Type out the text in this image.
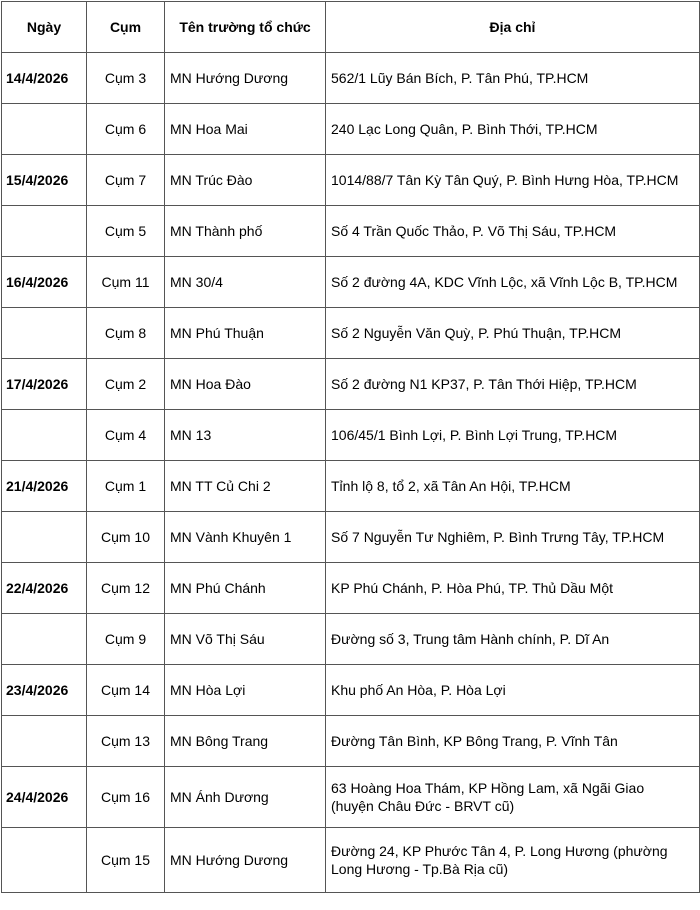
Ngày	Cụm	Tên trường tổ chức	Địa chỉ
14/4/2026	Cụm 3	MN Hướng Dương	562/1 Lũy Bán Bích, P. Tân Phú, TP.HCM
	Cụm 6	MN Hoa Mai	240 Lạc Long Quân, P. Bình Thới, TP.HCM
15/4/2026	Cụm 7	MN Trúc Đào	1014/88/7 Tân Kỳ Tân Quý, P. Bình Hưng Hòa, TP.HCM
	Cụm 5	MN Thành phố	Số 4 Trần Quốc Thảo, P. Võ Thị Sáu, TP.HCM
16/4/2026	Cụm 11	MN 30/4	Số 2 đường 4A, KDC Vĩnh Lộc, xã Vĩnh Lộc B, TP.HCM
	Cụm 8	MN Phú Thuận	Số 2 Nguyễn Văn Quỳ, P. Phú Thuận, TP.HCM
17/4/2026	Cụm 2	MN Hoa Đào	Số 2 đường N1 KP37, P. Tân Thới Hiệp, TP.HCM
	Cụm 4	MN 13	106/45/1 Bình Lợi, P. Bình Lợi Trung, TP.HCM
21/4/2026	Cụm 1	MN TT Củ Chi 2	Tỉnh lộ 8, tổ 2, xã Tân An Hội, TP.HCM
	Cụm 10	MN Vành Khuyên 1	Số 7 Nguyễn Tư Nghiêm, P. Bình Trưng Tây, TP.HCM
22/4/2026	Cụm 12	MN Phú Chánh	KP Phú Chánh, P. Hòa Phú, TP. Thủ Dầu Một
	Cụm 9	MN Võ Thị Sáu	Đường số 3, Trung tâm Hành chính, P. Dĩ An
23/4/2026	Cụm 14	MN Hòa Lợi	Khu phố An Hòa, P. Hòa Lợi
	Cụm 13	MN Bông Trang	Đường Tân Bình, KP Bông Trang, P. Vĩnh Tân
24/4/2026	Cụm 16	MN Ánh Dương	63 Hoàng Hoa Thám, KP Hồng Lam, xã Ngãi Giao
(huyện Châu Đức - BRVT cũ)

	Cụm 15	MN Hướng Dương	Đường 24, KP Phước Tân 4, P. Long Hương (phường
Long Hương - Tp.Bà Rịa cũ)
